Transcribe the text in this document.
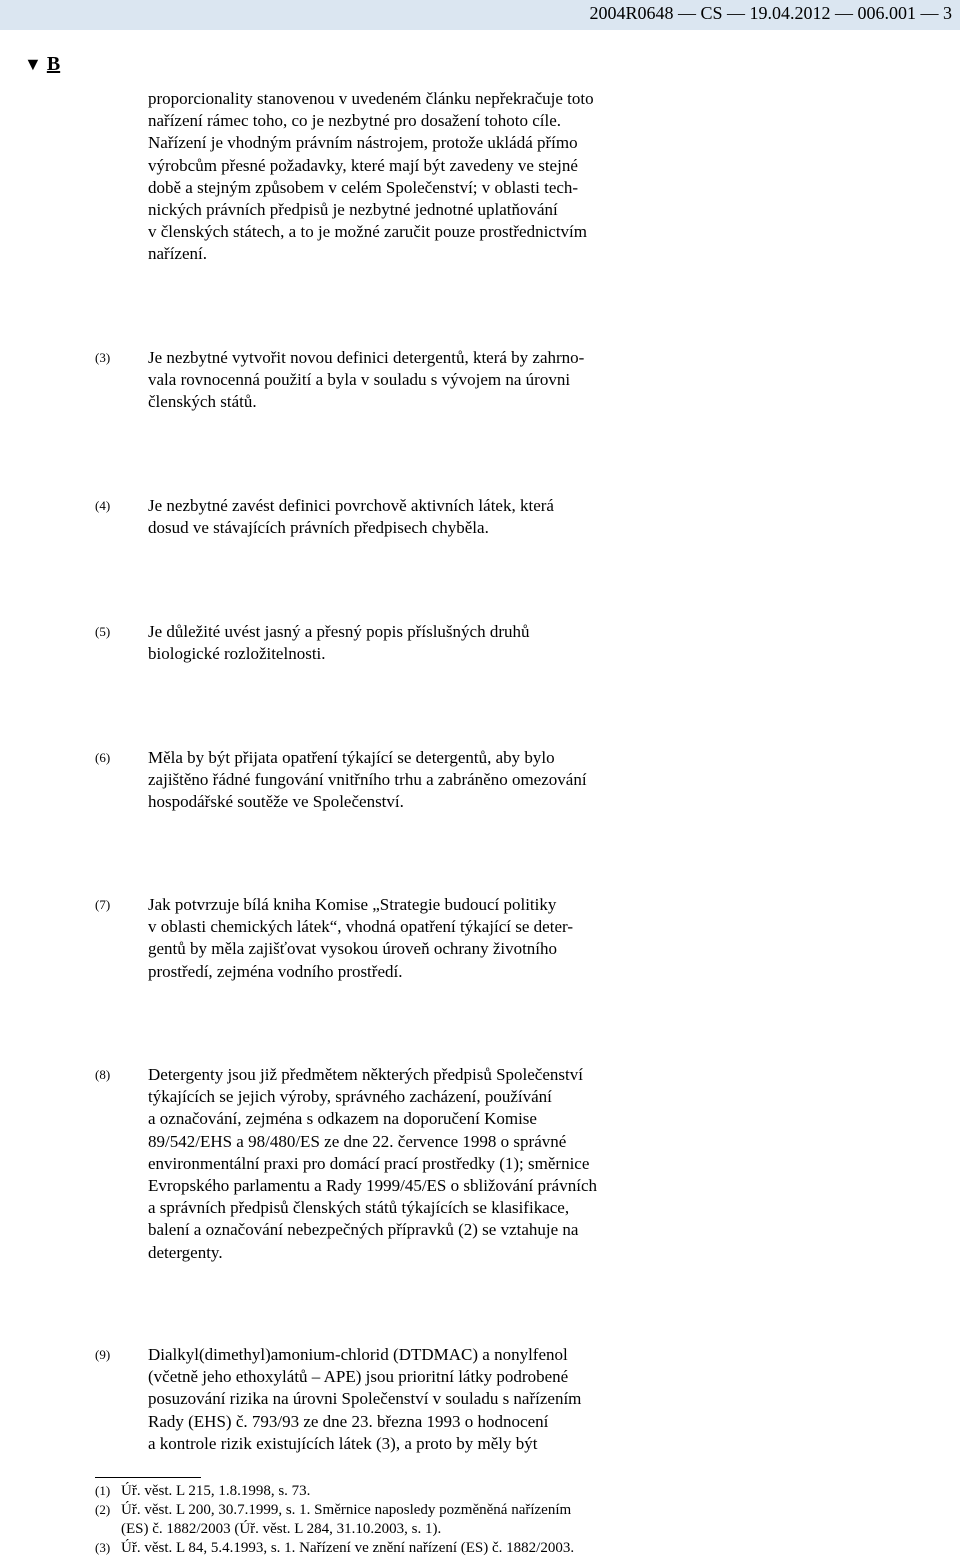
2004R0648 — CS — 19.04.2012 — 006.001 — 3
▼ B
proporcionality stanovenou v uvedeném článku nepřekračuje toto
nařízení rámec toho, co je nezbytné pro dosažení tohoto cíle.
Nařízení je vhodným právním nástrojem, protože ukládá přímo
výrobcům přesné požadavky, které mají být zavedeny ve stejné
době a stejným způsobem v celém Společenství; v oblasti tech-
nických právních předpisů je nezbytné jednotné uplatňování
v členských státech, a to je možné zaručit pouze prostřednictvím
nařízení.
(3) Je nezbytné vytvořit novou definici detergentů, která by zahrno-
vala rovnocenná použití a byla v souladu s vývojem na úrovni
členských států.
(4) Je nezbytné zavést definici povrchově aktivních látek, která
dosud ve stávajících právních předpisech chyběla.
(5) Je důležité uvést jasný a přesný popis příslušných druhů
biologické rozložitelnosti.
(6) Měla by být přijata opatření týkající se detergentů, aby bylo
zajištěno řádné fungování vnitřního trhu a zabráněno omezování
hospodářské soutěže ve Společenství.
(7) Jak potvrzuje bílá kniha Komise „Strategie budoucí politiky
v oblasti chemických látek“, vhodná opatření týkající se deter-
gentů by měla zajišťovat vysokou úroveň ochrany životního
prostředí, zejména vodního prostředí.
(8) Detergenty jsou již předmětem některých předpisů Společenství
týkajících se jejich výroby, správného zacházení, používání
a označování, zejména s odkazem na doporučení Komise
89/542/EHS a 98/480/ES ze dne 22. července 1998 o správné
environmentální praxi pro domácí prací prostředky (1); směrnice
Evropského parlamentu a Rady 1999/45/ES o sbližování právních
a správních předpisů členských států týkajících se klasifikace,
balení a označování nebezpečných přípravků (2) se vztahuje na
detergenty.
(9) Dialkyl(dimethyl)amonium-chlorid (DTDMAC) a nonylfenol
(včetně jeho ethoxylátů – APE) jsou prioritní látky podrobené
posuzování rizika na úrovni Společenství v souladu s nařízením
Rady (EHS) č. 793/93 ze dne 23. března 1993 o hodnocení
a kontrole rizik existujících látek (3), a proto by měly být
(1) Úř. věst. L 215, 1.8.1998, s. 73.
(2) Úř. věst. L 200, 30.7.1999, s. 1. Směrnice naposledy pozměněná nařízením
(ES) č. 1882/2003 (Úř. věst. L 284, 31.10.2003, s. 1).
(3) Úř. věst. L 84, 5.4.1993, s. 1. Nařízení ve znění nařízení (ES) č. 1882/2003.
